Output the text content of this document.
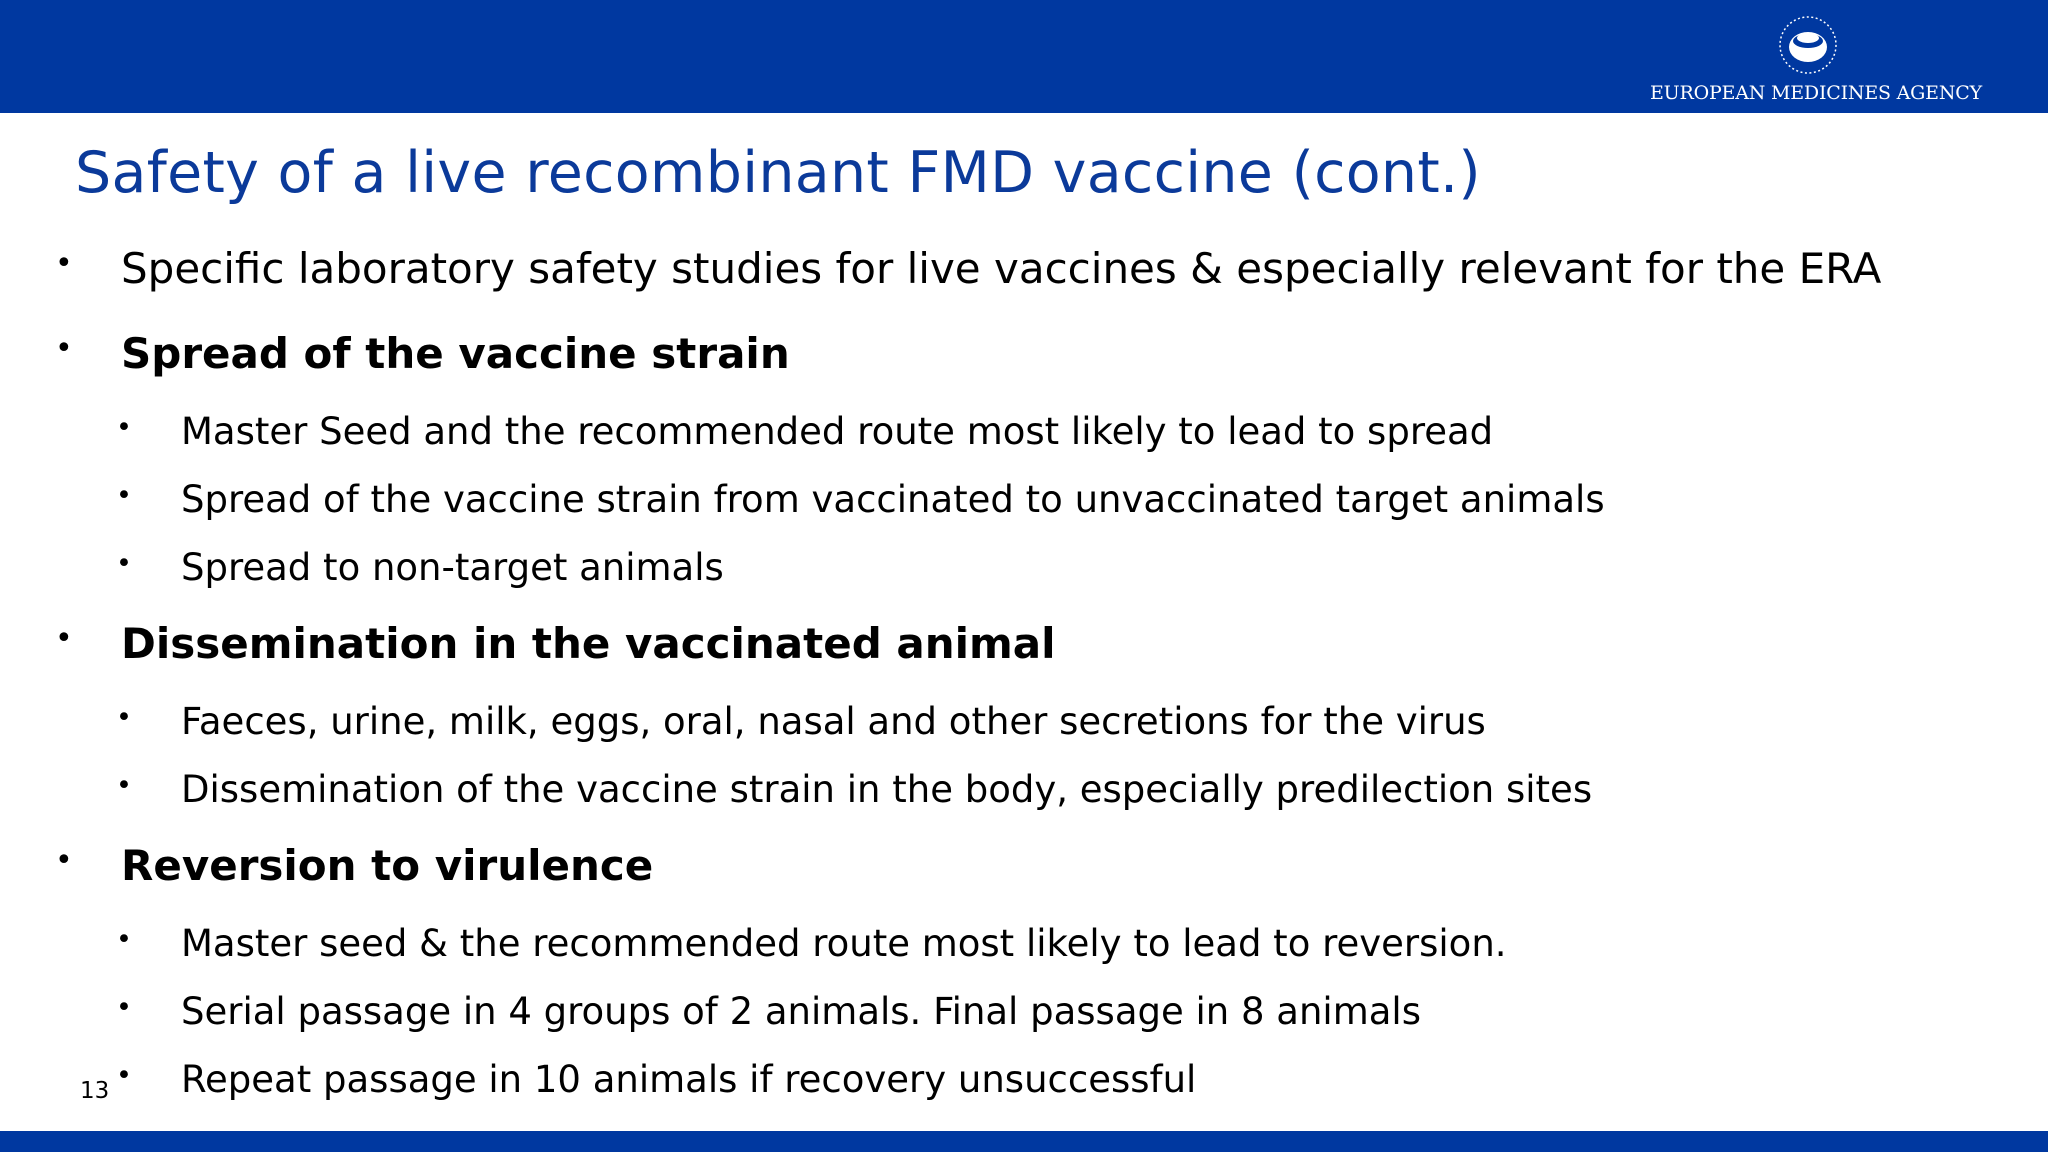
EUROPEAN MEDICINES AGENCY
Safety of a live recombinant FMD vaccine (cont.)
• Specific laboratory safety studies for live vaccines & especially relevant for the ERA
• Spread of the vaccine strain
• Master Seed and the recommended route most likely to lead to spread
• Spread of the vaccine strain from vaccinated to unvaccinated target animals
• Spread to non-target animals
• Dissemination in the vaccinated animal
• Faeces, urine, milk, eggs, oral, nasal and other secretions for the virus
• Dissemination of the vaccine strain in the body, especially predilection sites
• Reversion to virulence
• Master seed & the recommended route most likely to lead to reversion.
• Serial passage in 4 groups of 2 animals. Final passage in 8 animals
• Repeat passage in 10 animals if recovery unsuccessful
13
